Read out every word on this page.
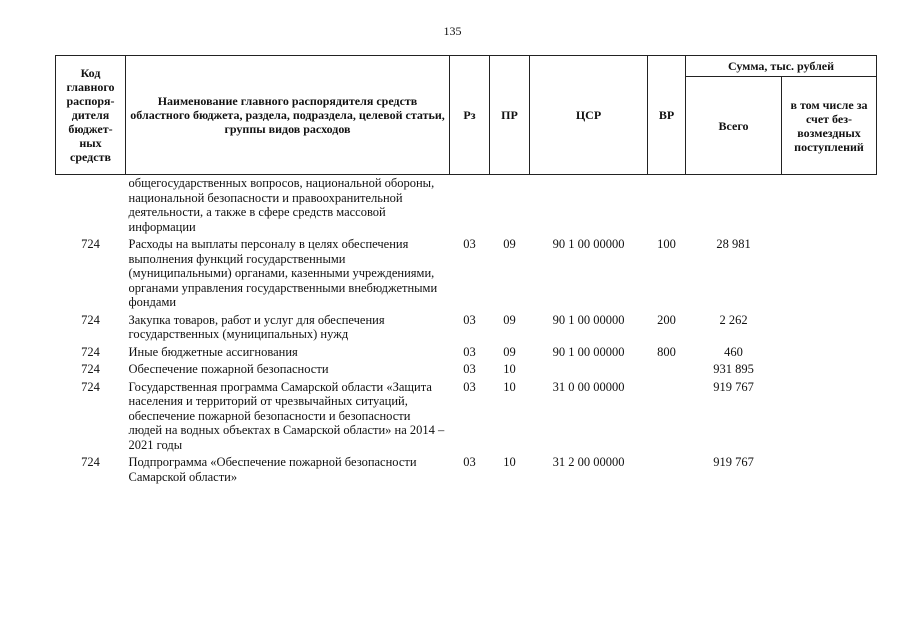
135
Код главного распоря-дителя бюджет-ных средств	Наименование главного распорядителя средств областного бюджета, раздела, подраздела, целевой статьи, группы видов расходов	Рз	ПР	ЦСР	ВР	Сумма, тыс. рублей	
						Всего	в том числе за счет без-возмездных поступлений
	общегосударственных вопросов, национальной обороны, национальной безопасности и правоохранительной деятельности, а также в сфере средств массовой информации						
724	Расходы на выплаты персоналу в целях обеспечения выполнения функций государственными (муниципальными) органами, казенными учреждениями, органами управления государственными внебюджетными фондами	03	09	90 1 00 00000	100	28 981	
724	Закупка товаров, работ и услуг для обеспечения государственных (муниципальных) нужд	03	09	90 1 00 00000	200	2 262	
724	Иные бюджетные ассигнования	03	09	90 1 00 00000	800	460	
724	Обеспечение пожарной безопасности	03	10			931 895	
724	Государственная программа Самарской области «Защита населения и территорий от чрезвычайных ситуаций, обеспечение пожарной безопасности и безопасности людей на водных объектах в Самарской области» на 2014 – 2021 годы	03	10	31 0 00 00000		919 767	
724	Подпрограмма «Обеспечение пожарной безопасности Самарской области»	03	10	31 2 00 00000		919 767	
